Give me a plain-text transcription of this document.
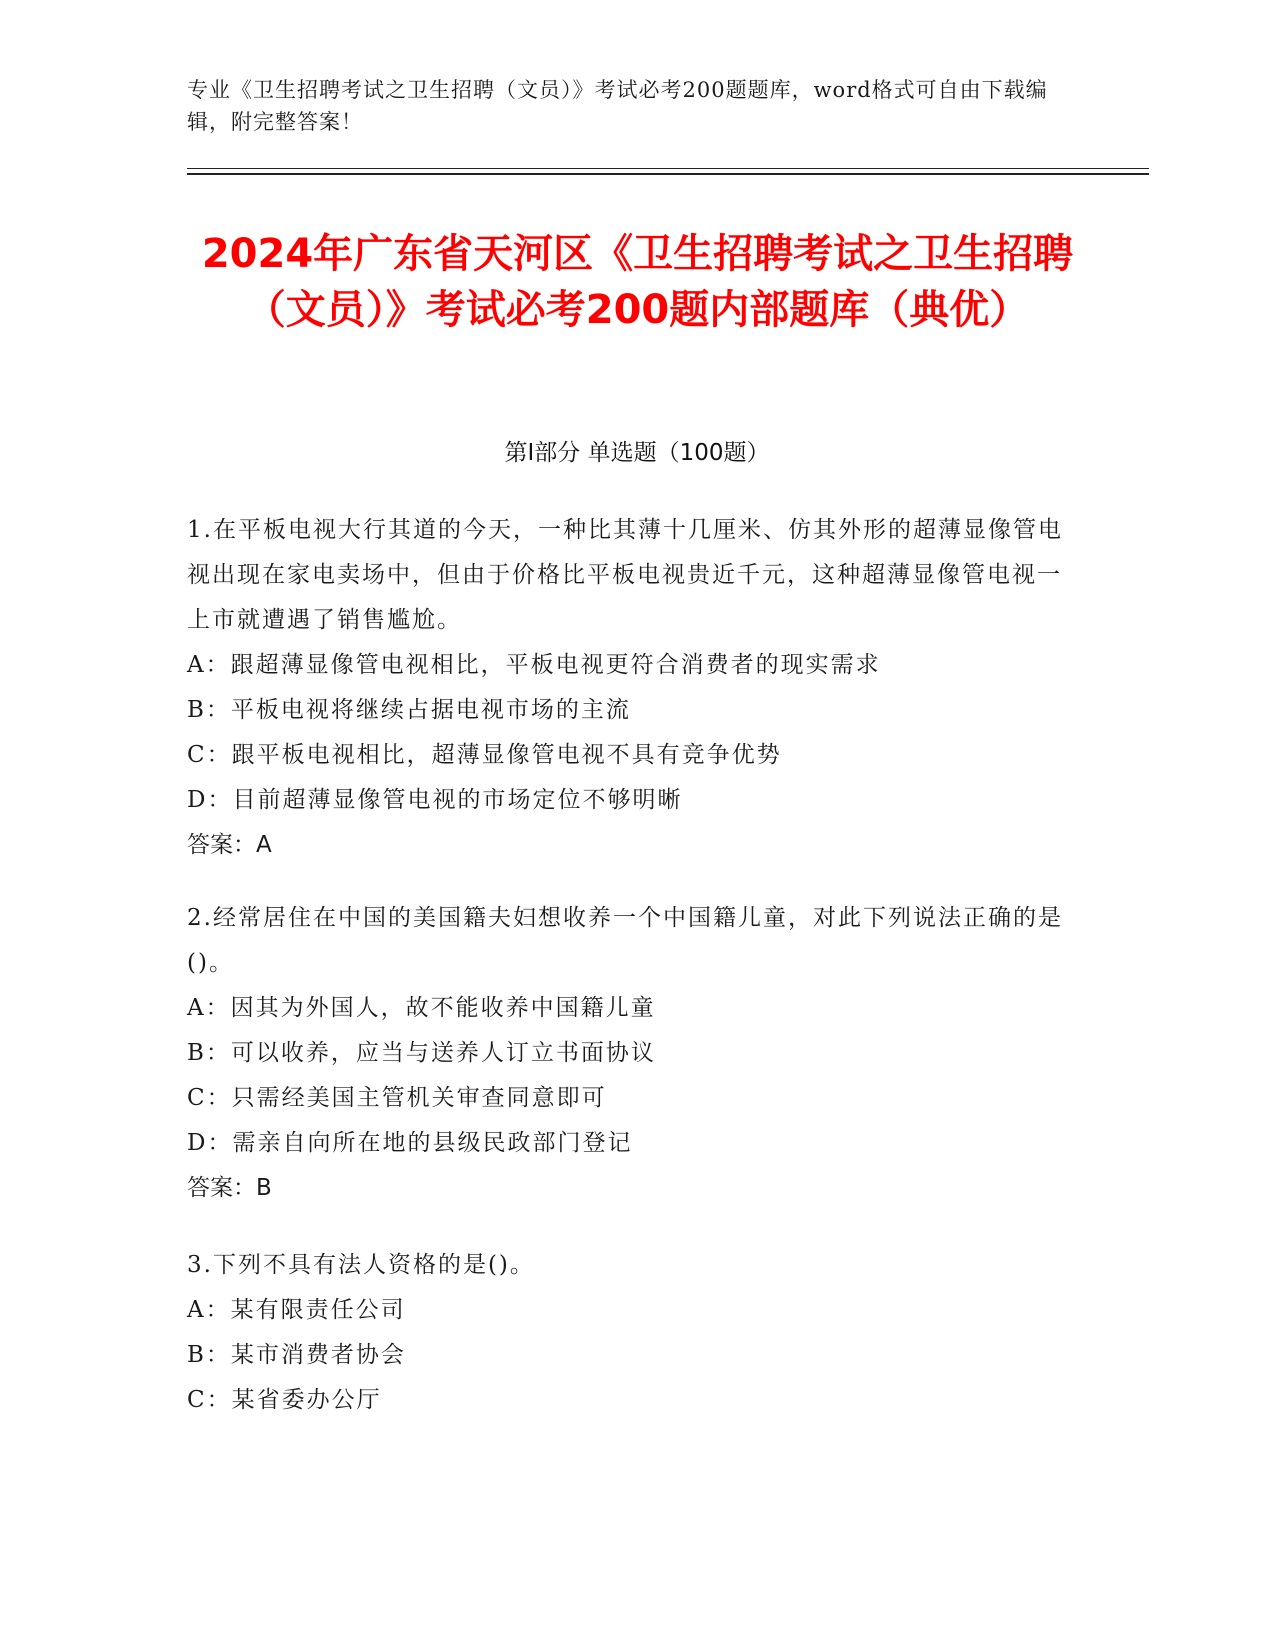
专业《卫生招聘考试之卫生招聘（文员）》考试必考200题题库，word格式可自由下载编辑，附完整答案！
2024年广东省天河区《卫生招聘考试之卫生招聘（文员）》考试必考200题内部题库（典优）
第I部分 单选题（100题）

1.在平板电视大行其道的今天，一种比其薄十几厘米、仿其外形的超薄显像管电视出现在家电卖场中，但由于价格比平板电视贵近千元，这种超薄显像管电视一上市就遭遇了销售尴尬。

A：跟超薄显像管电视相比，平板电视更符合消费者的现实需求

B：平板电视将继续占据电视市场的主流

C：跟平板电视相比，超薄显像管电视不具有竞争优势

D：目前超薄显像管电视的市场定位不够明晰

答案：A

2.经常居住在中国的美国籍夫妇想收养一个中国籍儿童，对此下列说法正确的是()。

A：因其为外国人，故不能收养中国籍儿童

B：可以收养，应当与送养人订立书面协议

C：只需经美国主管机关审查同意即可

D：需亲自向所在地的县级民政部门登记

答案：B

3.下列不具有法人资格的是()。

A：某有限责任公司

B：某市消费者协会

C：某省委办公厅
